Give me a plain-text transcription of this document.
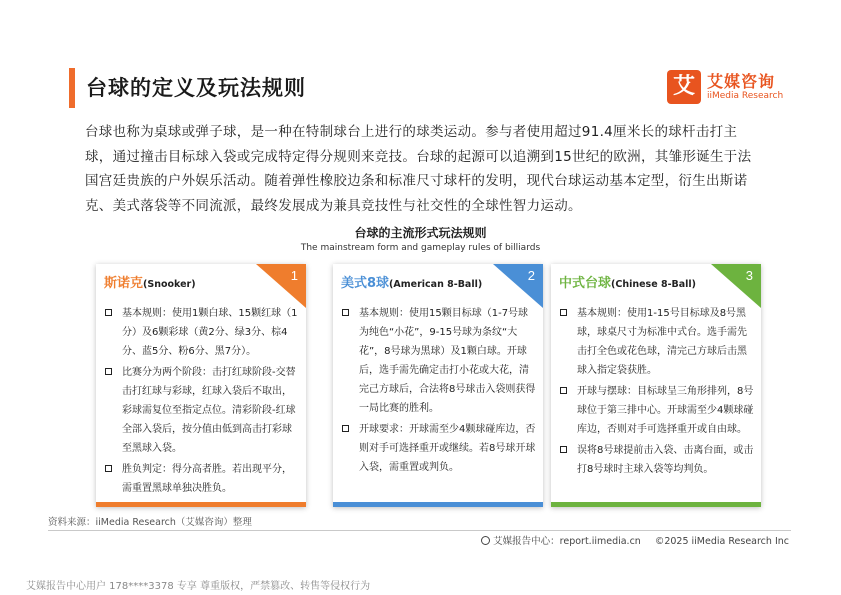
台球的定义及玩法规则	艾 艾媒咨询
iiMedia Research
台球也称为桌球或弹子球，是一种在特制球台上进行的球类运动。参与者使用超过91.4厘米长的球杆击打主球，通过撞击目标球入袋或完成特定得分规则来竞技。台球的起源可以追溯到15世纪的欧洲，其雏形诞生于法国宫廷贵族的户外娱乐活动。随着弹性橡胶边条和标准尺寸球杆的发明，现代台球运动基本定型，衍生出斯诺克、美式落袋等不同流派，最终发展成为兼具竞技性与社交性的全球性智力运动。
台球的主流形式玩法规则
The mainstream form and gameplay rules of billiards
1
斯诺克(Snooker)
基本规则：使用1颗白球、15颗红球（1分）及6颗彩球（黄2分、绿3分、棕4分、蓝5分、粉6分、黑7分）。
比赛分为两个阶段：击打红球阶段-交替击打红球与彩球，红球入袋后不取出，彩球需复位至指定点位。清彩阶段-红球全部入袋后，按分值由低到高击打彩球至黑球入袋。
胜负判定：得分高者胜。若出现平分，需重置黑球单独决胜负。
2
美式8球(American 8-Ball)
基本规则：使用15颗目标球（1-7号球为纯色“小花”，9-15号球为条纹“大花”，8号球为黑球）及1颗白球。开球后，选手需先确定击打小花或大花，清完己方球后，合法将8号球击入袋则获得一局比赛的胜利。
开球要求：开球需至少4颗球碰库边，否则对手可选择重开或继续。若8号球开球入袋，需重置或判负。
3
中式台球(Chinese 8-Ball)
基本规则：使用1-15号目标球及8号黑球，球桌尺寸为标准中式台。选手需先击打全色或花色球，清完己方球后击黑球入指定袋获胜。
开球与摆球：目标球呈三角形排列，8号球位于第三排中心。开球需至少4颗球碰库边，否则对手可选择重开或自由球。
误将8号球提前击入袋、击离台面，或击打8号球时主球入袋等均判负。
资料来源：iiMedia Research（艾媒咨询）整理
艾媒报告中心：report.iimedia.cn ©2025 iiMedia Research Inc
艾媒报告中心用户 178****3378 专享 尊重版权，严禁篡改、转售等侵权行为
